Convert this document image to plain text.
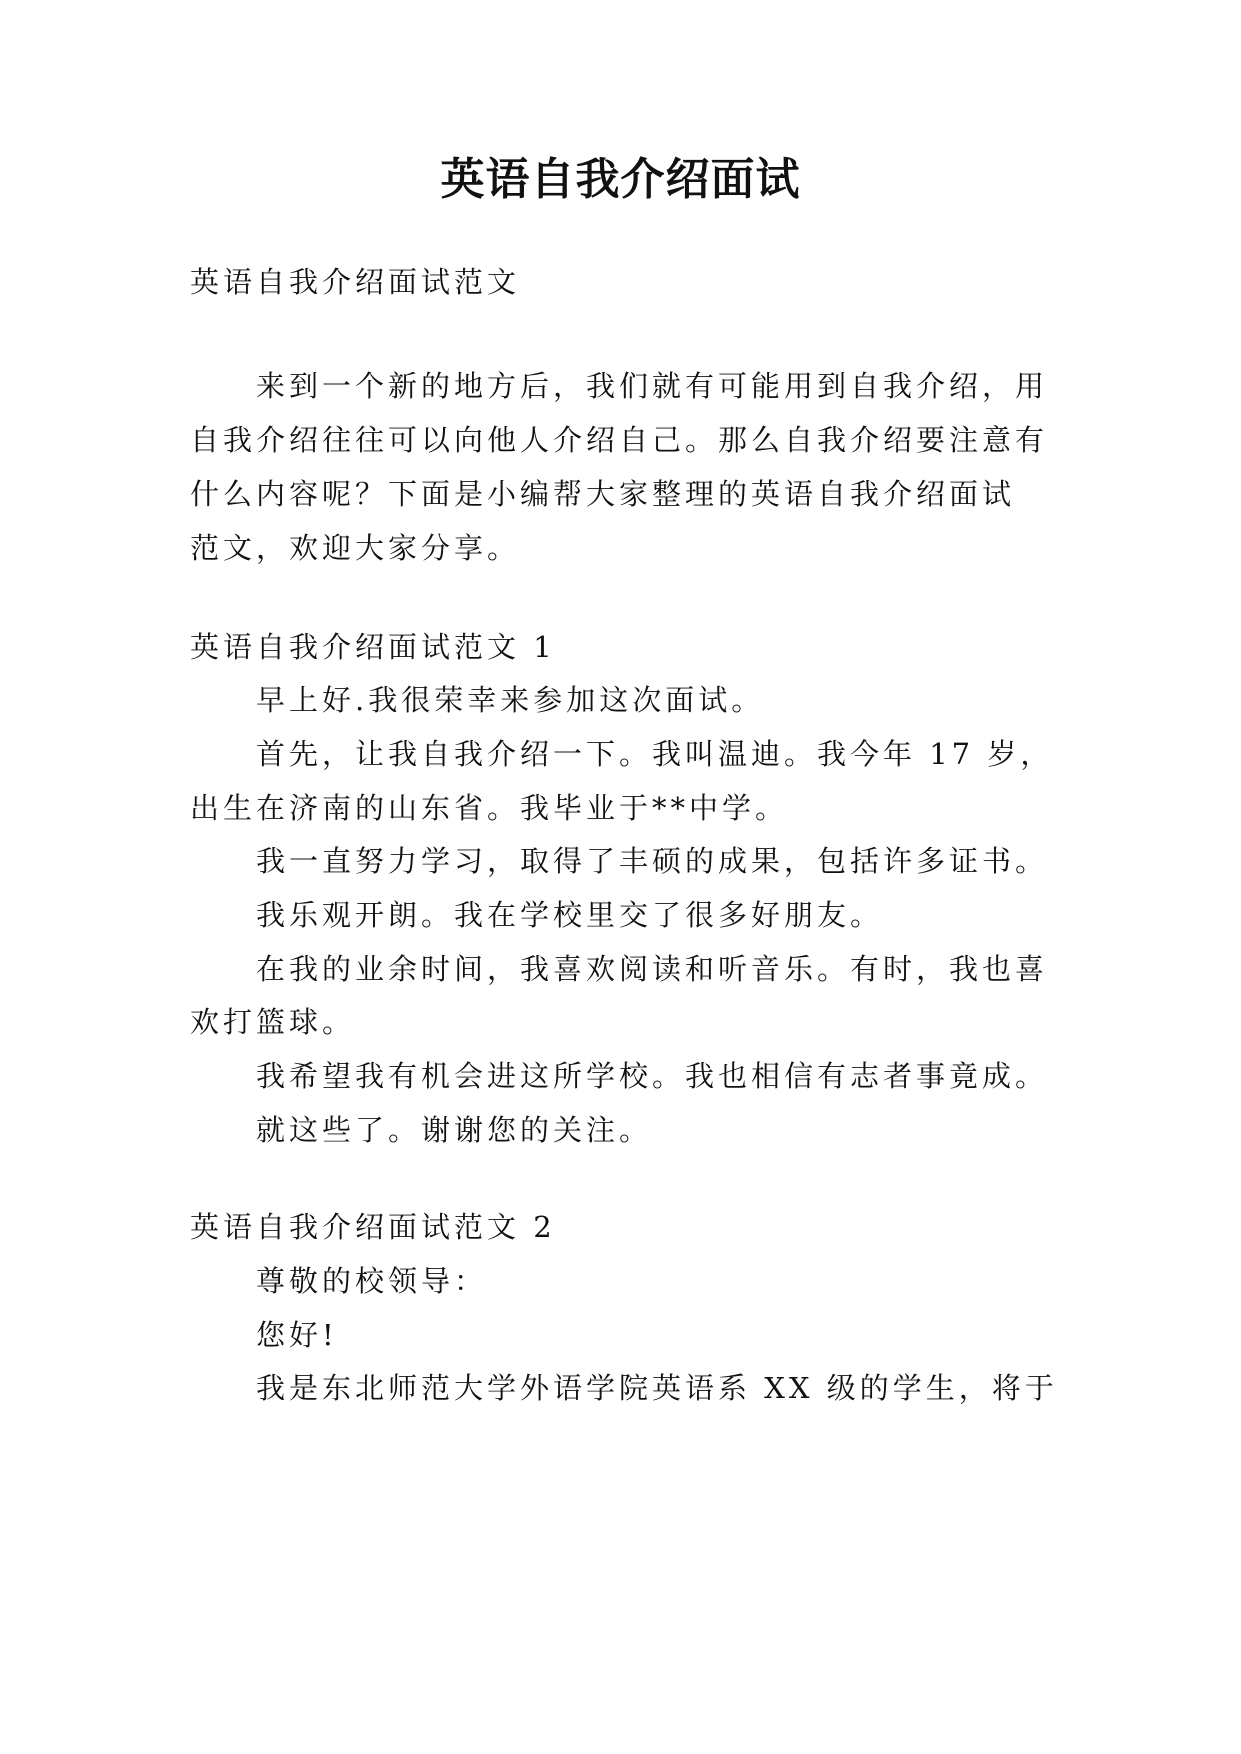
英语自我介绍面试
英语自我介绍面试范文
来到一个新的地方后，我们就有可能用到自我介绍，用
自我介绍往往可以向他人介绍自己。那么自我介绍要注意有
什么内容呢？下面是小编帮大家整理的英语自我介绍面试
范文，欢迎大家分享。
英语自我介绍面试范文 1
早上好.我很荣幸来参加这次面试。
首先，让我自我介绍一下。我叫温迪。我今年 17 岁，
出生在济南的山东省。我毕业于**中学。
我一直努力学习，取得了丰硕的成果，包括许多证书。
我乐观开朗。我在学校里交了很多好朋友。
在我的业余时间，我喜欢阅读和听音乐。有时，我也喜
欢打篮球。
我希望我有机会进这所学校。我也相信有志者事竟成。
就这些了。谢谢您的关注。
英语自我介绍面试范文 2
尊敬的校领导：
您好!
我是东北师范大学外语学院英语系 XX 级的学生，将于
